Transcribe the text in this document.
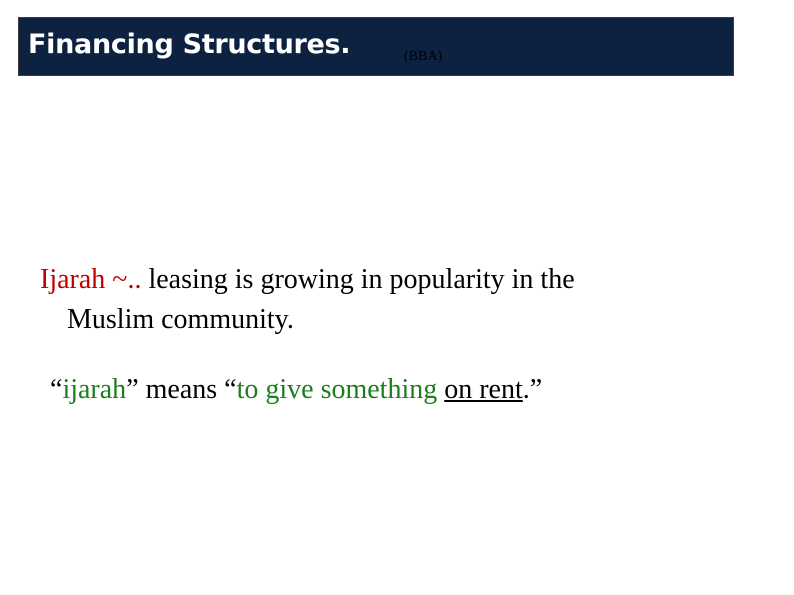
Financing Structures.	(BBA)
Ijarah ~.. leasing is growing in popularity in the
Muslim community.
“ijarah” means “to give something on rent.”
